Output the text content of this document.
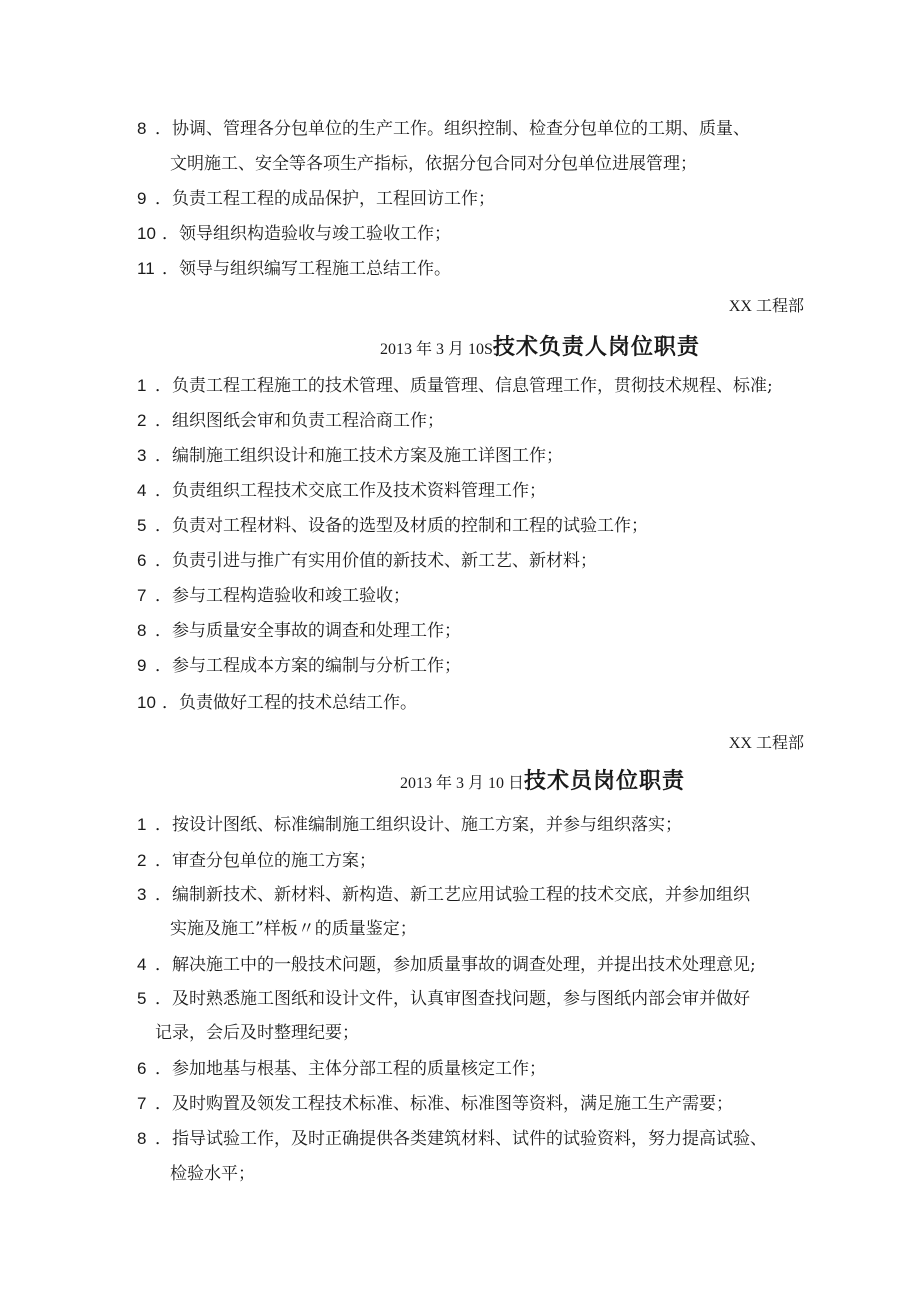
8 ．协调、管理各分包单位的生产工作。组织控制、检查分包单位的工期、质量、
文明施工、安全等各项生产指标，依据分包合同对分包单位进展管理；
9 ．负责工程工程的成品保护，工程回访工作；
10 ．领导组织构造验收与竣工验收工作；
11 ．领导与组织编写工程施工总结工作。
XX 工程部
2013 年 3 月 10S技术负责人岗位职责
1 ．负责工程工程施工的技术管理、质量管理、信息管理工作，贯彻技术规程、标准;
2 ．组织图纸会审和负责工程洽商工作；
3 ．编制施工组织设计和施工技术方案及施工详图工作；
4 ．负责组织工程技术交底工作及技术资料管理工作；
5 ．负责对工程材料、设备的选型及材质的控制和工程的试验工作；
6 ．负责引进与推广有实用价值的新技术、新工艺、新材料；
7 ．参与工程构造验收和竣工验收；
8 ．参与质量安全事故的调查和处理工作；
9 ．参与工程成本方案的编制与分析工作；
10 ．负责做好工程的技术总结工作。
XX 工程部
2013 年 3 月 10 日技术员岗位职责
1 ．按设计图纸、标准编制施工组织设计、施工方案，并参与组织落实；
2 ．审查分包单位的施工方案；
3 ．编制新技术、新材料、新构造、新工艺应用试验工程的技术交底，并参加组织
实施及施工”样板〃的质量鉴定；
4 ．解决施工中的一般技术问题，参加质量事故的调查处理，并提出技术处理意见;
5 ．及时熟悉施工图纸和设计文件，认真审图查找问题，参与图纸内部会审并做好
记录，会后及时整理纪要；
6 ．参加地基与根基、主体分部工程的质量核定工作；
7 ．及时购置及领发工程技术标准、标准、标准图等资料，满足施工生产需要；
8 ．指导试验工作，及时正确提供各类建筑材料、试件的试验资料，努力提高试验、
检验水平；
